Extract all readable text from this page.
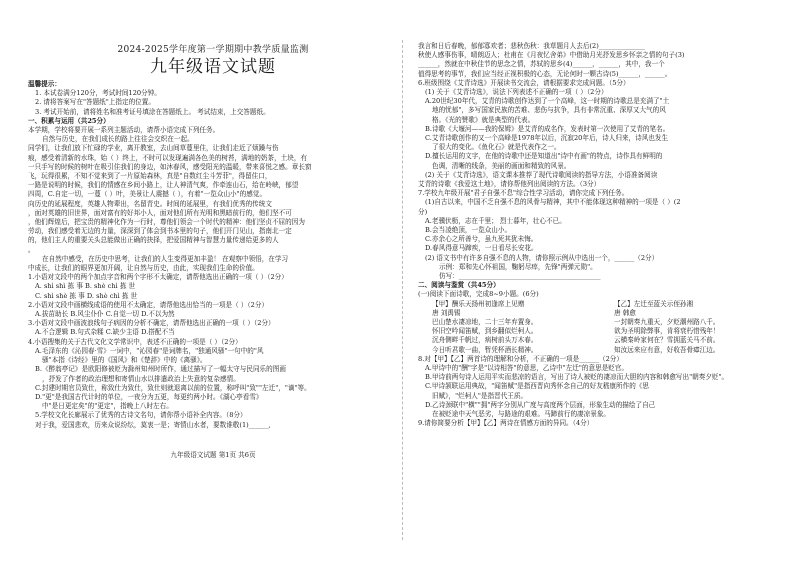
2024-2025学年度第一学期期中教学质量监测
九年级语文试题
温馨提示：
1. 本试卷满分120分，考试时间120分钟。
2. 请将答案写在"答题纸"上指定的位置。
3. 考试开始前，请将姓名和准考证号填涂在答题纸上。 考试结束，上交答题纸。
一、积累与运用（共25分）
本学期，学校将要开展一系列主题活动，请帮小语完成下列任务。
自然与历史，在我们成长的路上往往会交织在一起。
同学们，让我们放下忙碌的学业，离开教室，去山间草蔓里住，让我们走近了烦躁与伤
痕，感受着清新的水珠，始（ ）终上，不时可以发现遍满各色美的树苔，满地的奶茶，土块，有
一只手写的时候的树叶在吸引住我们的身边，如沐春风，感受阳光的温暖，带来喜悦之感。章长窗
飞，玩得很累，不知不觉来到了一片原始森林，真是"自数红尘斗芳菲"，得留住口，
一路是说明的时候，我们的情感在乡间小路上，让人神清气爽，作牵连山石，给在岭峡，郁望
四周，C.自定一切，一蔓（ ）叶，美景让人震撼（ ），有着"一览众山小"的感觉。
向历史的延展程度，英雄人物辈出，名留青史。时间的延展里，有我们优秀的传统文
，面对英雄的旧世界，面对富有的好邦小人，面对他们所有光明和黑暗前行的，他们坚不可
，他们辉煌后，把宝贵的精神化作为一行时，尊他们领会一个时代的精神：他们坚贞不屈的因为
劳动，我们感受着无边的力量，深深到了体会到书本里的句子，他们开门见山，指南北一定
的，他们主人的重要关头总能做出正确的抉择，把爱国精神与智慧力量传递给更多的人
。
在自然中感受，在历史中思考，让我们的人生变得更加丰盈！ 在观察中领悟，在学习
中成长，让我们的眼界更加开阔，让自然与历史，由此，实现我们生命的价值。
1.小语对文段中的两个加点字音和两个字形不太确定，请帮他选出正确的一项（ ）（2分）
A. shì shì 拣 事 B. shè chì 拣 世
C. shì shè 拣 事 D. shè chì 拣 世
2.小语对文段中画横线成语的使用不太确定，请帮他选出恰当的一项是（ ）（2分）
A.拔苗助长 B.风尘仆仆 C.自觉一切 D.不以为然
3.小语对文段中画波浪线句子病因的分析不确定，请帮他选出正确的一项（ ）（2分）
A.不合逻辑 B.句式杂糅 C.缺少主语 D.搭配不当
4.小语搜集的关于古代文化文学常识中，表述不正确的一项是（ ）（2分）
A.毛泽东的《沁园春·雪》一词中，"沁园春"是词牌名，"独通风骚"一句中的"风
骚"本指《诗经》里的《国风》和《楚辞》中的《离骚》。
B.《醉翁亭记》是欧阳修被贬为滁州知州时所作，通过描写了一幅太守与民同乐的图画
，抒发了作者的政治理想和寄情山水以排遣政治上失意的复杂感情。
C.封建时期官员致仕，称致仕为致仕，致仕则就退离以前的位置，称呼叫"致""左迁"，"谪"等。
D."更"是我国古代计时的单位，一夜分为五更，每更约两小时。《湖心亭看雪》
中"是日更定矣"的"更定"，指晚上八时左右。
5.学校文化长廊展示了优秀的古诗文名句，请你帮小语补全内容。（8分）
对于我，爱国悲欢，历来众说纷纭，莫衷一是；寄情山水者，要数谁敬(1)______,
九年级语文试题 第1页 共6页
我言和日后春晚，郁郁寡欢者；悲秋伤秋：我草题月人去后(2)______________
秋使人感事伤事，晴朗迈人；杜甫在《月夜忆舍弟》中借助月光抒发思乡怀亲之情的句子(3)
______，然就在中秋佳节的思念之情，苏轼的思乡(4)______，______，其中，我一个
值得思考的事节，我们应当经正视积极的心态，无论何时一颗古诗(5)______，______。
6.班级围绕《艾青诗选》开展读书交流会，请根据要求完成问题。（5分）
(1) 关于《艾青诗选》，说法下列表述不正确的一项（ ）（2分）
A.20世纪30年代，艾青的诗歌创作达到了一个高峰，这一时期的诗歌总是充满了"土
地的忧郁"，多写国家民族的苦难、悲伤与抗争，具有非常沉重、深厚又大气的风
格。《光的赞歌》就是典型的代表。
B.诗歌《大堰河——我的保姆》是艾青的成名作，发表时第一次使用了艾青的笔名。
C.艾青诗歌创作的又一个高峰是1978年以后，沉寂20年后，诗人归来，诗风也发生
了很大的变化。《鱼化石》就是代表作之一。
D.擅长运用的文字，在他的诗歌中还是知道出"诗中有画"的特点，诗作具有鲜明的
色调，清晰的线条，美丽的画面和精致的风景。
(2) 关于《艾青诗选》，语文课本推荐了现代诗歌阅读的指导方法，小语准备阅读
艾青的诗歌《我爱这土地》，请你帮他列出阅读的方法。（3分）
7.学校九年级开展"君子自强不息"综合性学习活动，请你完成下列任务。
(1)自古以来，中国不乏自强不息的风骨与精神，其中不能体现这种精神的一项是（ ）(2
分)
A.老骥伏枥，志在千里； 烈士暮年，壮心不已。
B.会当凌绝顶，一览众山小。
C.亦余心之所善兮，虽九死其犹未悔。
D.春风得意马蹄疾，一日看尽长安花。
(2) 语文书中有许多自强不息的人物，请你照示例从中选出一个，______（2分）
示例：郑和先心怀祖国，鞠躬尽瘁，先锋"两弹元勋"。
仿写：___________________________________________
二、阅读与鉴赏（共45分）
(一)阅读下面诗歌，完成8~9小题。(6分)
【甲】酬乐天扬州初逢席上见赠	【乙】左迁至蓝关示侄孙湘
唐 刘禹锡	唐 韩愈
巴山楚水凄凉地，二十三年弃置身。	一封朝奏九重天，夕贬潮州路八千。
怀旧空吟闻笛赋，到乡翻似烂柯人。	欲为圣明除弊事，肯将衰朽惜残年！
沉舟侧畔千帆过，病树前头万木春。	云横秦岭家何在？雪拥蓝关马不前。
今日听君歌一曲，暂凭杯酒长精神。	知汝远来应有意，好收吾骨瘴江边。
8.对【甲】【乙】两首诗的理解和分析，不正确的一项是______（2分）
A.甲诗中的"酬"字是"以诗相答"的意思，乙诗中"左迁"的意思是贬官。
B.甲诗前两句诗人运用平实而悲凉的语言，写出了诗人被贬的凄凉而大胆的内容和韩愈写出"朝奏夕贬"。
C.甲诗颔联运用典故，"闻笛赋"是指西晋向秀怀念自己的好友嵇康所作的《思
旧赋》，"烂柯人"是指晋代王质。
D.乙诗颈联中"横""拥"两字分别从广度与高度两个层面，形象生动的描绘了自己
在被贬途中天气恶劣，与路途的艰难。马蹄前行的凄凉景象。
9.请你简要分析【甲】【乙】两诗在情感方面的异同。（4分）
